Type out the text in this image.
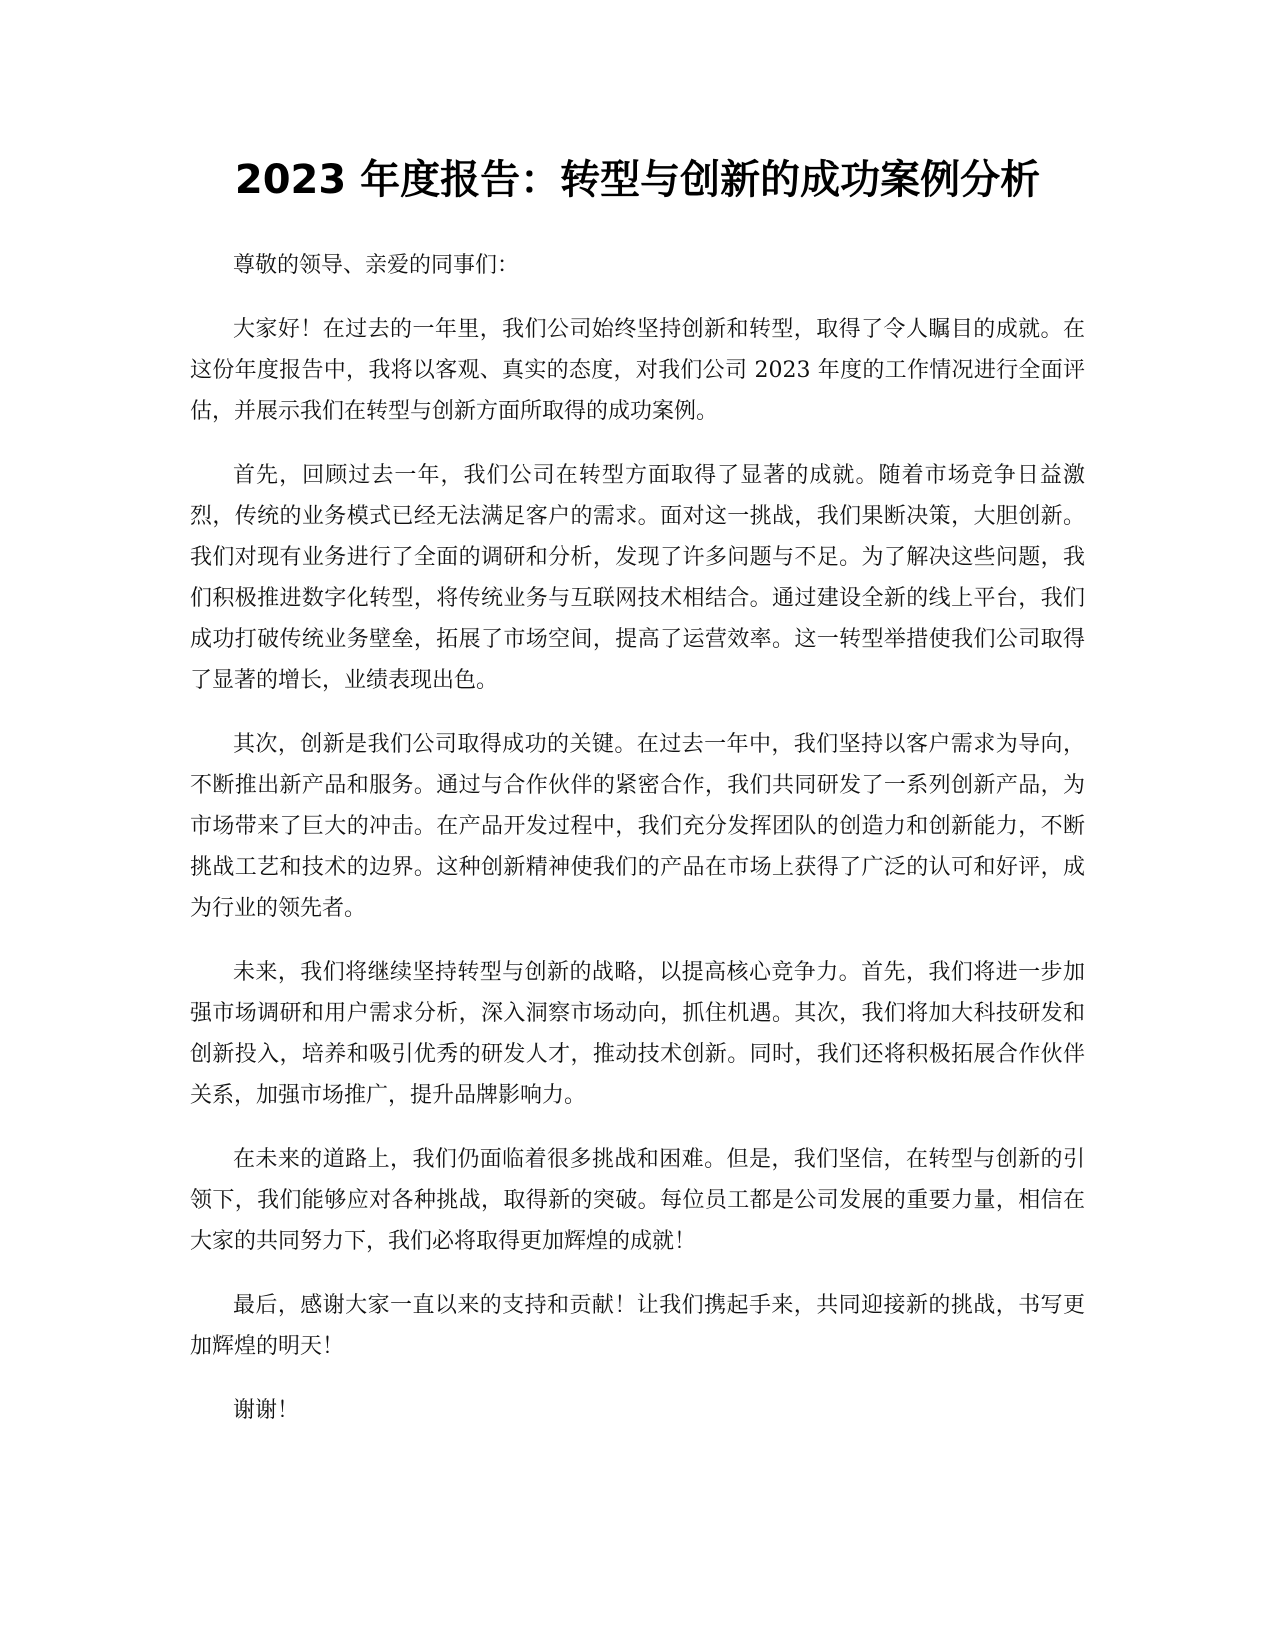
2023 年度报告：转型与创新的成功案例分析

尊敬的领导、亲爱的同事们：

大家好！在过去的一年里，我们公司始终坚持创新和转型，取得了令人瞩目的成就。在这份年度报告中，我将以客观、真实的态度，对我们公司 2023 年度的工作情况进行全面评估，并展示我们在转型与创新方面所取得的成功案例。

首先，回顾过去一年，我们公司在转型方面取得了显著的成就。随着市场竞争日益激烈，传统的业务模式已经无法满足客户的需求。面对这一挑战，我们果断决策，大胆创新。我们对现有业务进行了全面的调研和分析，发现了许多问题与不足。为了解决这些问题，我们积极推进数字化转型，将传统业务与互联网技术相结合。通过建设全新的线上平台，我们成功打破传统业务壁垒，拓展了市场空间，提高了运营效率。这一转型举措使我们公司取得了显著的增长，业绩表现出色。

其次，创新是我们公司取得成功的关键。在过去一年中，我们坚持以客户需求为导向，不断推出新产品和服务。通过与合作伙伴的紧密合作，我们共同研发了一系列创新产品，为市场带来了巨大的冲击。在产品开发过程中，我们充分发挥团队的创造力和创新能力，不断挑战工艺和技术的边界。这种创新精神使我们的产品在市场上获得了广泛的认可和好评，成为行业的领先者。

未来，我们将继续坚持转型与创新的战略，以提高核心竞争力。首先，我们将进一步加强市场调研和用户需求分析，深入洞察市场动向，抓住机遇。其次，我们将加大科技研发和创新投入，培养和吸引优秀的研发人才，推动技术创新。同时，我们还将积极拓展合作伙伴关系，加强市场推广，提升品牌影响力。

在未来的道路上，我们仍面临着很多挑战和困难。但是，我们坚信，在转型与创新的引领下，我们能够应对各种挑战，取得新的突破。每位员工都是公司发展的重要力量，相信在大家的共同努力下，我们必将取得更加辉煌的成就！

最后，感谢大家一直以来的支持和贡献！让我们携起手来，共同迎接新的挑战，书写更加辉煌的明天！

谢谢！
